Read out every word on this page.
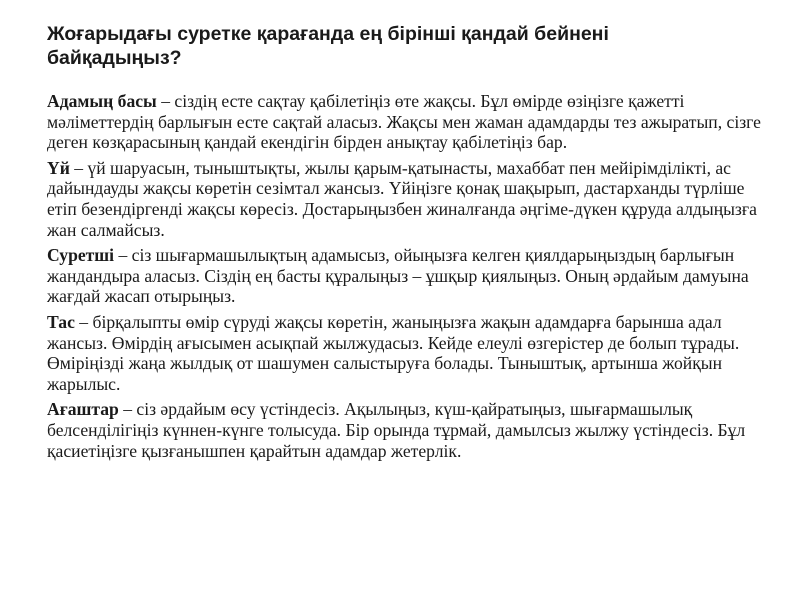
Жоғарыдағы суретке қарағанда ең бірінші қандай бейнені байқадыңыз?

Адамың басы – сіздің есте сақтау қабілетіңіз өте жақсы. Бұл өмірде өзіңізге қажетті мәліметтердің барлығын есте сақтай аласыз. Жақсы мен жаман адамдарды тез ажыратып, сізге деген көзқарасының қандай екендігін бірден анықтау қабілетіңіз бар.

Үй – үй шаруасын, тыныштықты, жылы қарым-қатынасты, махаббат пен мейірімділікті, ас дайындауды жақсы көретін сезімтал жансыз. Үйіңізге қонақ шақырып, дастарханды түрліше етіп безендіргенді жақсы көресіз. Достарыңызбен жиналғанда әңгіме-дүкен құруда алдыңызға жан салмайсыз.

Суретші – сіз шығармашылықтың адамысыз, ойыңызға келген қиялдарыңыздың барлығын жандандыра аласыз. Сіздің ең басты құралыңыз – ұшқыр қиялыңыз. Оның әрдайым дамуына жағдай жасап отырыңыз.

Тас – бірқалыпты өмір сүруді жақсы көретін, жаныңызға жақын адамдарға барынша адал жансыз. Өмірдің ағысымен асықпай жылжудасыз. Кейде елеулі өзгерістер де болып тұрады. Өміріңізді жаңа жылдық от шашумен салыстыруға болады. Тыныштық, артынша жойқын жарылыс.

Ағаштар – сіз әрдайым өсу үстіндесіз. Ақылыңыз, күш-қайратыңыз, шығармашылық белсенділігіңіз күннен-күнге толысуда. Бір орында тұрмай, дамылсыз жылжу үстіндесіз. Бұл қасиетіңізге қызғанышпен қарайтын адамдар жетерлік.
